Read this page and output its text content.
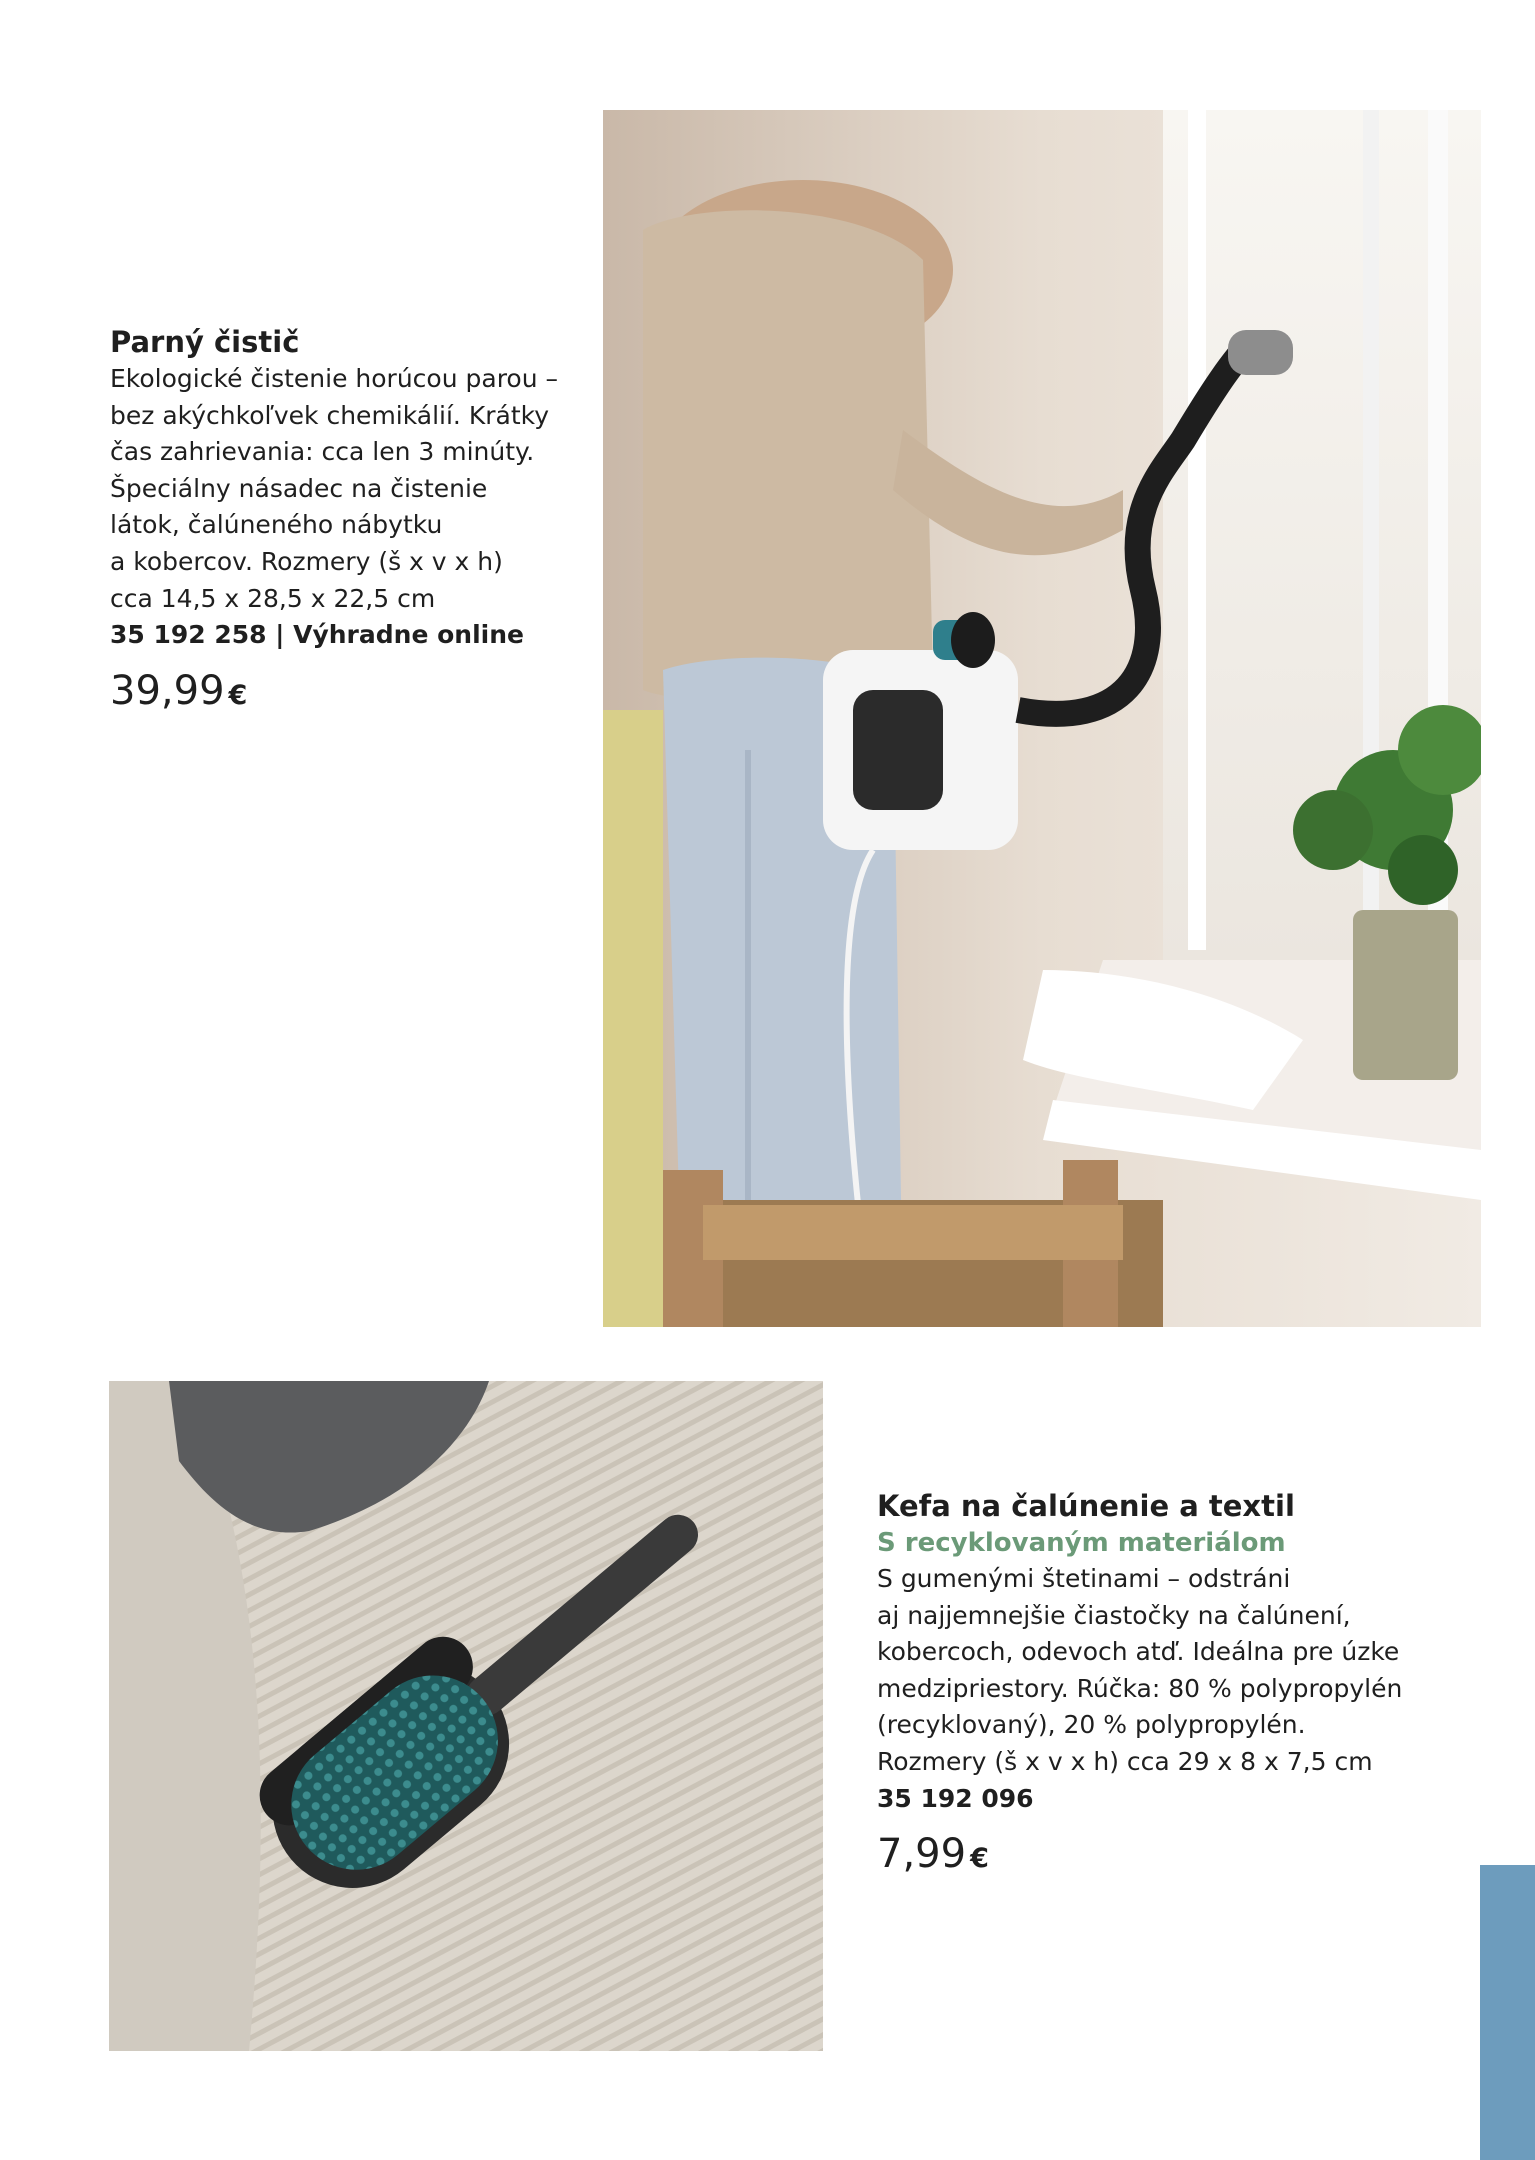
Parný čistič

Ekologické čistenie horúcou parou –

bez akýchkoľvek chemikálií. Krátky

čas zahrievania: cca len 3 minúty.

Špeciálny násadec na čistenie

látok, čalúneného nábytku

a kobercov. Rozmery (š x v x h)

cca 14,5 x 28,5 x 22,5 cm

35 192 258 | Výhradne online

39,99 €
Kefa na čalúnenie a textil

S recyklovaným materiálom

S gumenými štetinami – odstráni

aj najjemnejšie čiastočky na čalúnení,

kobercoch, odevoch atď. Ideálna pre úzke

medzipriestory. Rúčka: 80 % polypropylén

(recyklovaný), 20 % polypropylén.

Rozmery (š x v x h) cca 29 x 8 x 7,5 cm

35 192 096

7,99 €
